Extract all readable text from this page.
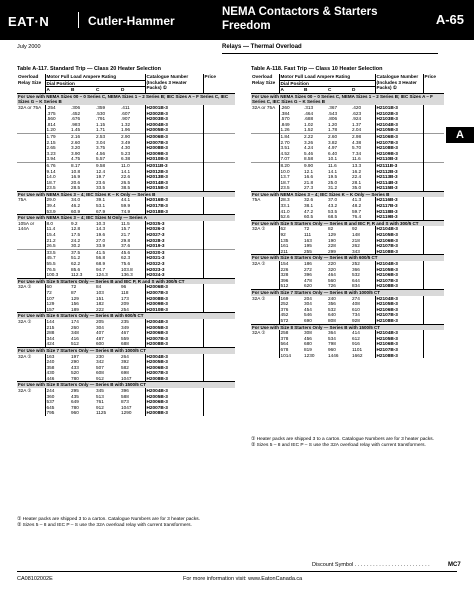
EAT·N	Cutler-Hammer
NEMA Contactors & Starters
Freedom	A-65
July 2000	Relays — Thermal Overload
A
Table A-117. Standard Trip — Class 20 Heater Selection
Overload Relay Size	Motor Full Load Ampere Rating				Catalogue Number (Includes 3 Heater Packs) ①	Price
	Dial Position					
	A	B	C	D		
For Use with NEMA Sizes 00 – 0 Series C, NEMA Sizes 1 – 2 Series B; IEC Sizes A – F Series C, IEC Sizes G – K Series B						
32A or 75A	.254	.306	.359	.411	H2001B-3	
	.375	.452	.530	.607	H2002B-3	
	.560	.676	.791	.907	H2003B-3	
	.814	.983	1.15	1.32	H2004B-3	
	1.20	1.45	1.71	1.96	H2005B-3	
	1.79	2.16	2.53	2.90	H2006B-3	
	2.15	2.60	3.04	3.49	H2007B-3	
	2.65	3.20	3.75	4.30	H2008B-3	
	3.23	3.90	4.56	5.23	H2009B-3	
	3.94	4.75	5.57	6.38	H2010B-3	
	6.76	8.17	9.58	11.0	H2011B-3	
	9.14	10.8	12.4	14.1	H2012B-3	
	14.0	16.9	19.7	22.6	H2013B-3	
	18.7	20.6	23.6	26.5	H2014B-3	
	23.5	28.5	33.5	38.5	H2015B-3	
For Use with NEMA Sizes 3 – 4; IEC Sizes K – K Only — Series B						
75A	29.0	34.0	39.1	44.1	H2016B-3	
	39.4	46.2	53.1	59.9	H2017B-3	
	53.9	60.9	67.9	74.9	H2018B-3	
For Use with NEMA Sizes 3 – 4; IEC Sizes N Only — Series A						
105A or 144A	8.0	9.2	10.3	11.5	H2025-3	
	11.4	12.8	14.3	15.7	H2026-3	
	15.4	17.5	19.6	21.7	H2027-3	
	21.2	24.2	27.0	29.8	H2028-3	
	26.5	30.2	33.9	37.6	H2019-3	
	33.5	37.5	41.5	45.6	H2020-3	
	45.7	51.2	56.8	62.3	H2021-3	
	55.5	62.2	68.9	75.6	H2022-3	
	76.5	85.6	94.7	103.8	H2023-3	
	100.3	112.3	124.3	136.3	H2024-3	
For Use with Size 5 Starters Only — Series B and IEC P, R and S with 300/5 CT						
32A ②	60	72	84	96	H2006B-3	
	72	87	103	118	H2007B-3	
	107	129	151	173	H2008B-3	
	129	156	182	209	H2009B-3	
	157	189	222	254	H2010B-3	
For Use with Size 6 Starters Only — Series B with 600/5 CT						
32A ②	144	174	205	235	H2004B-3	
	215	260	304	349	H2005B-3	
	288	348	407	467	H2006B-3	
	344	416	487	559	H2007B-3	
	424	512	600	688	H2008B-3	
For Use with Size 7 Starters Only — Series B with 1000/5 CT						
32A ②	163	197	230	264	H2004B-3	
	240	290	342	392	H2005B-3	
	358	433	507	582	H2006B-3	
	430	520	608	698	H2007B-3	
	446	780	912	1047	H2008B-3	
For Use with Size 8 Starters Only — Series B with 1500/5 CT						
32A ②	244	295	345	396	H2004B-3	
	360	435	513	588	H2005B-3	
	537	649	761	873	H2006B-3	
	645	780	912	1047	H2007B-3	
	795	960	1125	1290	H2008B-3	
① Heater packs are shipped 3 to a carton. Catalogue Numbers are for 3 heater packs.
② Sizes 5 – 8 and IEC P – S use the 32A overload relay with current transformers.
Table A-118. Fast Trip — Class 10 Heater Selection
Overload Relay Size	Motor Full Load Ampere Rating				Catalogue Number (Includes 3 Heater Packs) ①	Price
	Dial Position					
	A	B	C	D		
For Use with NEMA Sizes 00 – 0 Series C, NEMA Sizes 1 – 2 Series B; IEC Sizes A – F Series C, IEC Sizes G – K Series B						
32A or 75A	.260	.313	.367	.420	H2101B-3	
	.384	.464	.543	.623	H2102B-3	
	.570	.688	.806	.924	H2103B-3	
	.849	1.02	1.20	1.37	H2104B-3	
	1.26	1.52	1.78	2.04	H2105B-3	
	1.84	2.22	2.60	2.98	H2106B-3	
	2.70	3.26	3.82	4.38	H2107B-3	
	3.51	4.24	4.97	5.70	H2108B-3	
	4.52	5.46	6.40	7.34	H2109B-3	
	7.07	8.58	10.1	11.6	H2110B-3	
	8.20	9.90	11.6	13.3	H2111B-3	
	10.0	12.1	14.1	16.2	H2112B-3	
	13.7	16.6	19.5	22.4	H2113B-3	
	18.7	21.8	25.0	28.1	H2114B-3	
	23.5	27.3	31.2	35.0	H2115B-3	
For Use with NEMA Sizes 3 – 4; IEC Sizes K – K Only — Series B						
75A	28.3	32.6	37.0	41.3	H2116B-3	
	33.1	38.1	43.2	48.2	H2117B-3	
	41.0	47.2	53.5	59.7	H2118B-3	
	52.6	60.5	68.5	76.4	H2119B-3	
For Use with Size 5 Starters Only — Series B and IEC P, R and S with 300/5 CT						
32A ②	62	72	82	92	H2104B-3	
	92	111	129	148	H2105B-3	
	135	163	190	218	H2106B-3	
	161	195	228	262	H2107B-3	
	211	255	299	343	H2108B-3	
For Use with Size 6 Starters Only — Series B with 600/5 CT						
32A ②	154	186	220	252	H2104B-3	
	226	272	320	366	H2105B-3	
	328	396	464	532	H2106B-3	
	396	478	560	644	H2107B-3	
	512	620	726	834	H2108B-3	
For Use with Size 7 Starters Only — Series B with 1000/5 CT						
32A ②	169	204	240	274	H2104B-3	
	252	304	356	408	H2105B-3	
	376	454	532	610	H2106B-3	
	452	546	640	734	H2107B-3	
	572	690	808	928	H2108B-3	
For Use with Size 8 Starters Only — Series B with 1500/5 CT						
32A ②	258	308	364	414	H2104B-3	
	378	456	534	612	H2105B-3	
	564	680	798	916	H2106B-3	
	678	819	960	1101	H2107B-3	
	1014	1230	1446	1662	H2108B-3	
① Heater packs are shipped 3 to a carton. Catalogue Numbers are for 3 heater packs.
② Sizes 5 – 8 and IEC P – S use the 32A overload relay with current transformers.
Discount Symbol . . . . . . . . . . . . . . . . . . . . . . . . .	MC7
CA08102002E	For more information visit: www.EatonCanada.ca
